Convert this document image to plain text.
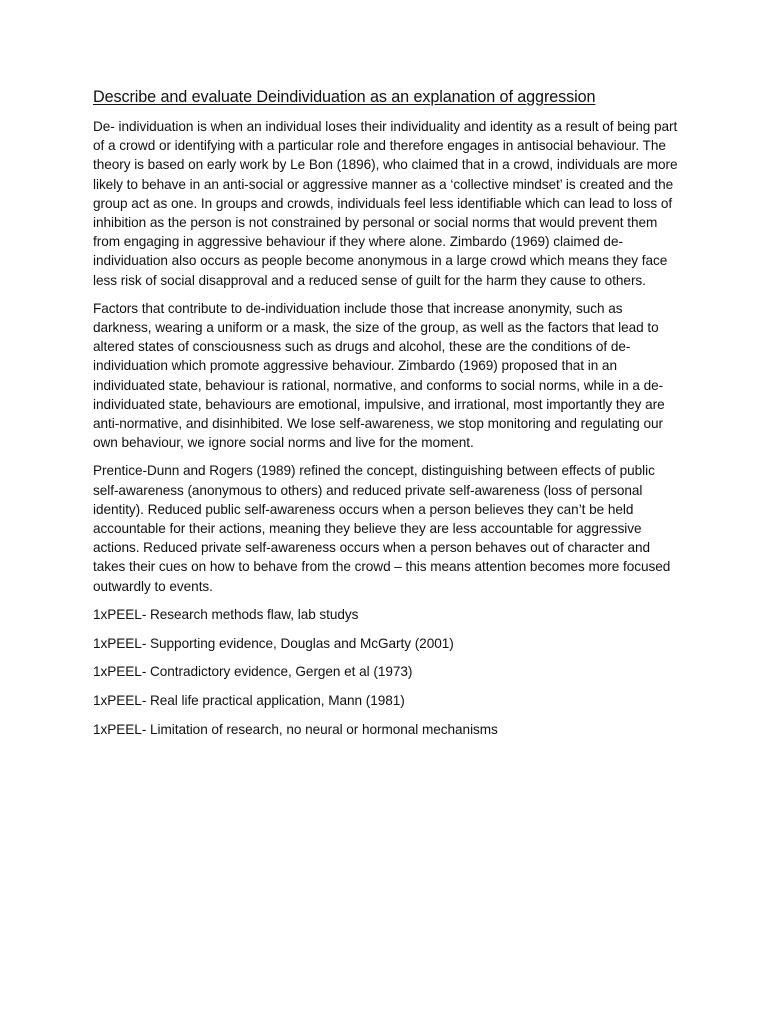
Describe and evaluate Deindividuation as an explanation of aggression

De- individuation is when an individual loses their individuality and identity as a result of being part of a crowd or identifying with a particular role and therefore engages in antisocial behaviour. The theory is based on early work by Le Bon (1896), who claimed that in a crowd, individuals are more likely to behave in an anti-social or aggressive manner as a ‘collective mindset’ is created and the group act as one. In groups and crowds, individuals feel less identifiable which can lead to loss of inhibition as the person is not constrained by personal or social norms that would prevent them from engaging in aggressive behaviour if they where alone. Zimbardo (1969) claimed de-individuation also occurs as people become anonymous in a large crowd which means they face less risk of social disapproval and a reduced sense of guilt for the harm they cause to others.

Factors that contribute to de-individuation include those that increase anonymity, such as darkness, wearing a uniform or a mask, the size of the group, as well as the factors that lead to altered states of consciousness such as drugs and alcohol, these are the conditions of de-individuation which promote aggressive behaviour. Zimbardo (1969) proposed that in an individuated state, behaviour is rational, normative, and conforms to social norms, while in a de-individuated state, behaviours are emotional, impulsive, and irrational, most importantly they are anti-normative, and disinhibited. We lose self-awareness, we stop monitoring and regulating our own behaviour, we ignore social norms and live for the moment.

Prentice-Dunn and Rogers (1989) refined the concept, distinguishing between effects of public self-awareness (anonymous to others) and reduced private self-awareness (loss of personal identity). Reduced public self-awareness occurs when a person believes they can’t be held accountable for their actions, meaning they believe they are less accountable for aggressive actions. Reduced private self-awareness occurs when a person behaves out of character and takes their cues on how to behave from the crowd – this means attention becomes more focused outwardly to events.

1xPEEL- Research methods flaw, lab studys

1xPEEL- Supporting evidence, Douglas and McGarty (2001)

1xPEEL- Contradictory evidence, Gergen et al (1973)

1xPEEL- Real life practical application, Mann (1981)

1xPEEL- Limitation of research, no neural or hormonal mechanisms
